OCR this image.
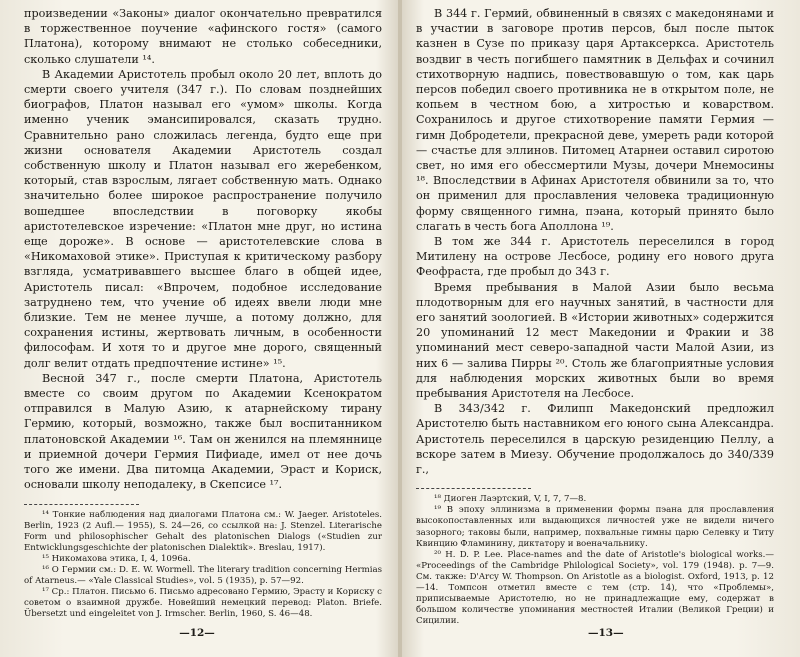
произведении «Законы» диалог окончательно превратился в торжественное поучение «афинского гостя» (самого Платона), которому внимают не столько собеседники, сколько слушатели ¹⁴.

В Академии Аристотель пробыл около 20 лет, вплоть до смерти своего учителя (347 г.). По словам позднейших биографов, Платон называл его «умом» школы. Когда именно ученик эмансипировался, сказать трудно. Сравнительно рано сложилась легенда, будто еще при жизни основателя Академии Аристотель создал собственную школу и Платон называл его жеребенком, который, став взрослым, лягает собственную мать. Однако значительно более широкое распространение получило вошедшее впоследствии в поговорку якобы аристотелевское изречение: «Платон мне друг, но истина еще дороже». В основе — аристотелевские слова в «Никомаховой этике». Приступая к критическому разбору взгляда, усматривавшего высшее благо в общей идее, Аристотель писал: «Впрочем, подобное исследование затруднено тем, что учение об идеях ввели люди мне близкие. Тем не менее лучше, а потому должно, для сохранения истины, жертвовать личным, в особенности философам. И хотя то и другое мне дорого, священный долг велит отдать предпочтение истине» ¹⁵.

Весной 347 г., после смерти Платона, Аристотель вместе со своим другом по Академии Ксенократом отправился в Малую Азию, к атарнейскому тирану Гермию, который, возможно, также был воспитанником платоновской Академии ¹⁶. Там он женился на племяннице и приемной дочери Гермия Пифиаде, имел от нее дочь того же имени. Два питомца Академии, Эраст и Кориск, основали школу неподалеку, в Скепсисе ¹⁷.

¹⁴ Тонкие наблюдения над диалогами Платона см.: W. Jaeger. Aristoteles. Berlin, 1923 (2 Aufl.— 1955), S. 24—26, со ссылкой на: J. Stenzel. Literarische Form und philosophischer Gehalt des platonischen Dialogs («Studien zur Entwicklungsgeschichte der platonischen Dialektik». Breslau, 1917).

¹⁵ Никомахова этика, I, 4, 1096a.

¹⁶ О Гермии см.: D. E. W. Wormell. The literary tradition concerning Hermias of Atarneus.— «Yale Classical Studies», vol. 5 (1935), p. 57—92.

¹⁷ Ср.: Платон. Письмо 6. Письмо адресовано Гермию, Эрасту и Кориску с советом о взаимной дружбе. Новейший немецкий перевод: Platon. Briefe. Übersetzt und eingeleitet von J. Irmscher. Berlin, 1960, S. 46—48.

—12—

В 344 г. Гермий, обвиненный в связях с македонянами и в участии в заговоре против персов, был после пыток казнен в Сузе по приказу царя Артаксеркса. Аристотель воздвиг в честь погибшего памятник в Дельфах и сочинил стихотворную надпись, повествовавшую о том, как царь персов победил своего противника не в открытом поле, не копьем в честном бою, а хитростью и коварством. Сохранилось и другое стихотворение памяти Гермия — гимн Добродетели, прекрасной деве, умереть ради которой — счастье для эллинов. Питомец Атарнеи оставил сиротою свет, но имя его обессмертили Музы, дочери Мнемосины ¹⁸. Впоследствии в Афинах Аристотеля обвинили за то, что он применил для прославления человека традиционную форму священного гимна, пэана, который принято было слагать в честь бога Аполлона ¹⁹.

В том же 344 г. Аристотель переселился в город Митилену на острове Лесбосе, родину его нового друга Феофраста, где пробыл до 343 г.

Время пребывания в Малой Азии было весьма плодотворным для его научных занятий, в частности для его занятий зоологией. В «Истории животных» содержится 20 упоминаний 12 мест Македонии и Фракии и 38 упоминаний мест северо-западной части Малой Азии, из них 6 — залива Пирры ²⁰. Столь же благоприятные условия для наблюдения морских животных были во время пребывания Аристотеля на Лесбосе.

В 343/342 г. Филипп Македонский предложил Аристотелю быть наставником его юного сына Александра. Аристотель переселился в царскую резиденцию Пеллу, а вскоре затем в Миезу. Обучение продолжалось до 340/339 г.,

¹⁸ Диоген Лаэртский, V, I, 7, 7—8.

¹⁹ В эпоху эллинизма в применении формы пэана для прославления высокопоставленных или выдающихся личностей уже не видели ничего зазорного; таковы были, например, похвальные гимны царю Селевку и Титу Квинцию Фламинину, диктатору и военачальнику.

²⁰ H. D. P. Lee. Place-names and the date of Aristotle's biological works.— «Proceedings of the Cambridge Philological Society», vol. 179 (1948). p. 7—9. См. также: D'Arcy W. Thompson. On Aristotle as a biologist. Oxford, 1913, p. 12—14. Томпсон отметил вместе с тем (стр. 14), что «Проблемы», приписываемые Аристотелю, но не принадлежащие ему, содержат в большом количестве упоминания местностей Италии (Великой Греции) и Сицилии.

—13—
